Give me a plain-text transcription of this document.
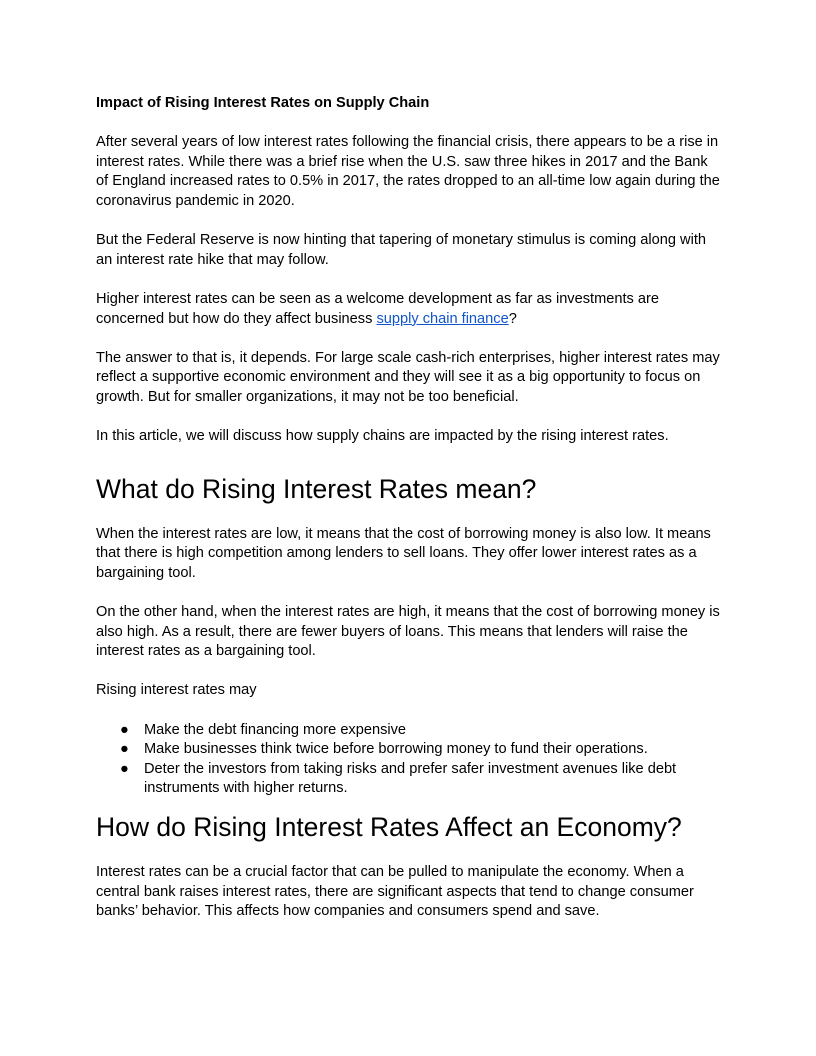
Impact of Rising Interest Rates on Supply Chain

After several years of low interest rates following the financial crisis, there appears to be a rise in interest rates. While there was a brief rise when the U.S. saw three hikes in 2017 and the Bank of England increased rates to 0.5% in 2017, the rates dropped to an all-time low again during the coronavirus pandemic in 2020.

But the Federal Reserve is now hinting that tapering of monetary stimulus is coming along with an interest rate hike that may follow.

Higher interest rates can be seen as a welcome development as far as investments are concerned but how do they affect business supply chain finance?

The answer to that is, it depends. For large scale cash-rich enterprises, higher interest rates may reflect a supportive economic environment and they will see it as a big opportunity to focus on growth. But for smaller organizations, it may not be too beneficial.

In this article, we will discuss how supply chains are impacted by the rising interest rates.

What do Rising Interest Rates mean?

When the interest rates are low, it means that the cost of borrowing money is also low. It means that there is high competition among lenders to sell loans. They offer lower interest rates as a bargaining tool.

On the other hand, when the interest rates are high, it means that the cost of borrowing money is also high. As a result, there are fewer buyers of loans. This means that lenders will raise the interest rates as a bargaining tool.

Rising interest rates may

● Make the debt financing more expensive
● Make businesses think twice before borrowing money to fund their operations.
● Deter the investors from taking risks and prefer safer investment avenues like debt instruments with higher returns.
How do Rising Interest Rates Affect an Economy?

Interest rates can be a crucial factor that can be pulled to manipulate the economy. When a central bank raises interest rates, there are significant aspects that tend to change consumer banks’ behavior. This affects how companies and consumers spend and save.
